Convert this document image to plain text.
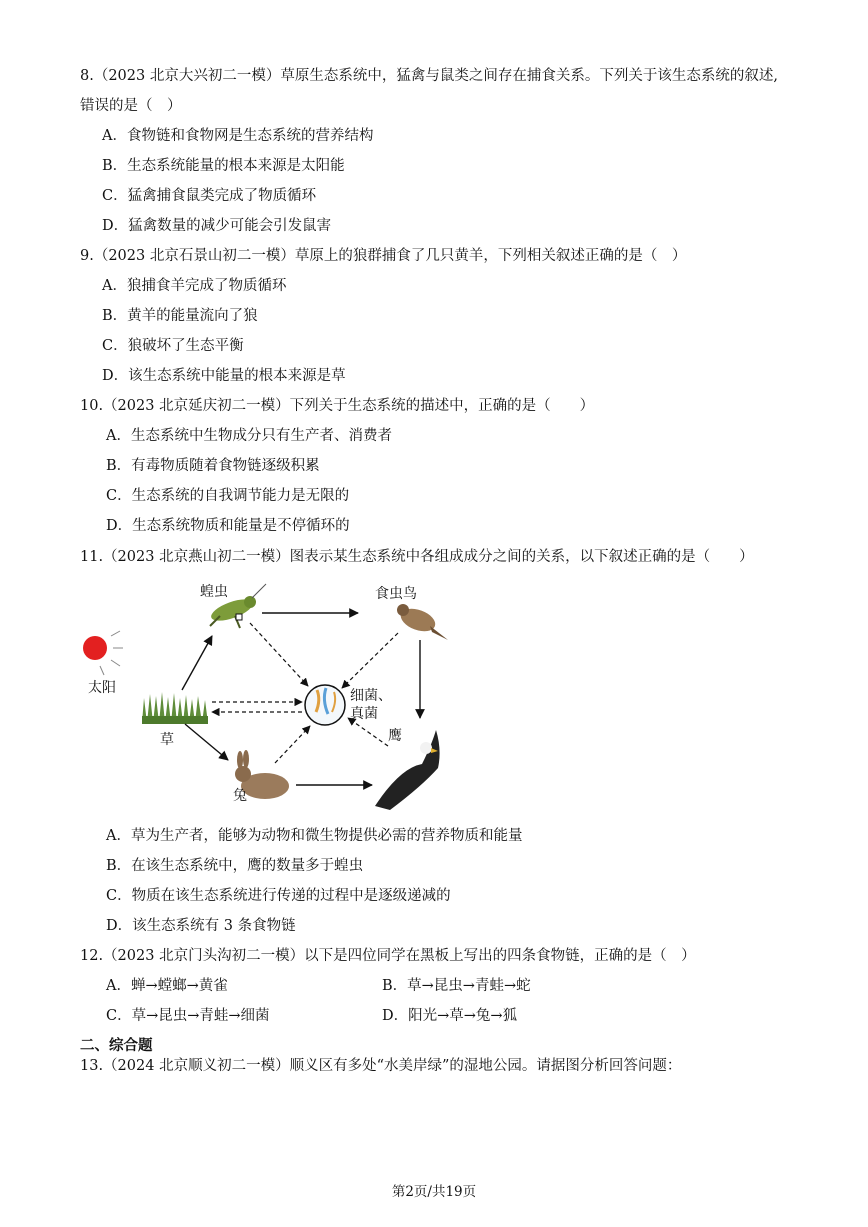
8.（2023 北京大兴初二一模）草原生态系统中，猛禽与鼠类之间存在捕食关系。下列关于该生态系统的叙述,
错误的是（　）
A．食物链和食物网是生态系统的营养结构
B．生态系统能量的根本来源是太阳能
C．猛禽捕食鼠类完成了物质循环
D．猛禽数量的减少可能会引发鼠害
9.（2023 北京石景山初二一模）草原上的狼群捕食了几只黄羊，下列相关叙述正确的是（　）
A．狼捕食羊完成了物质循环
B．黄羊的能量流向了狼
C．狼破坏了生态平衡
D．该生态系统中能量的根本来源是草
10.（2023 北京延庆初二一模）下列关于生态系统的描述中，正确的是（　　）
A．生态系统中生物成分只有生产者、消费者
B．有毒物质随着食物链逐级积累
C．生态系统的自我调节能力是无限的
D．生态系统物质和能量是不停循环的
11.（2023 北京燕山初二一模）图表示某生态系统中各组成成分之间的关系，以下叙述正确的是（　　）
太阳
草
蝗虫	食虫鸟
细菌、
真菌
兔
鹰
A．草为生产者，能够为动物和微生物提供必需的营养物质和能量
B．在该生态系统中，鹰的数量多于蝗虫
C．物质在该生态系统进行传递的过程中是逐级递减的
D．该生态系统有 3 条食物链
12.（2023 北京门头沟初二一模）以下是四位同学在黑板上写出的四条食物链，正确的是（　）
A．蝉→螳螂→黄雀	B．草→昆虫→青蛙→蛇
C．草→昆虫→青蛙→细菌	D．阳光→草→兔→狐
二、综合题
13.（2024 北京顺义初二一模）顺义区有多处“水美岸绿”的湿地公园。请据图分析回答问题：
第2页/共19页
